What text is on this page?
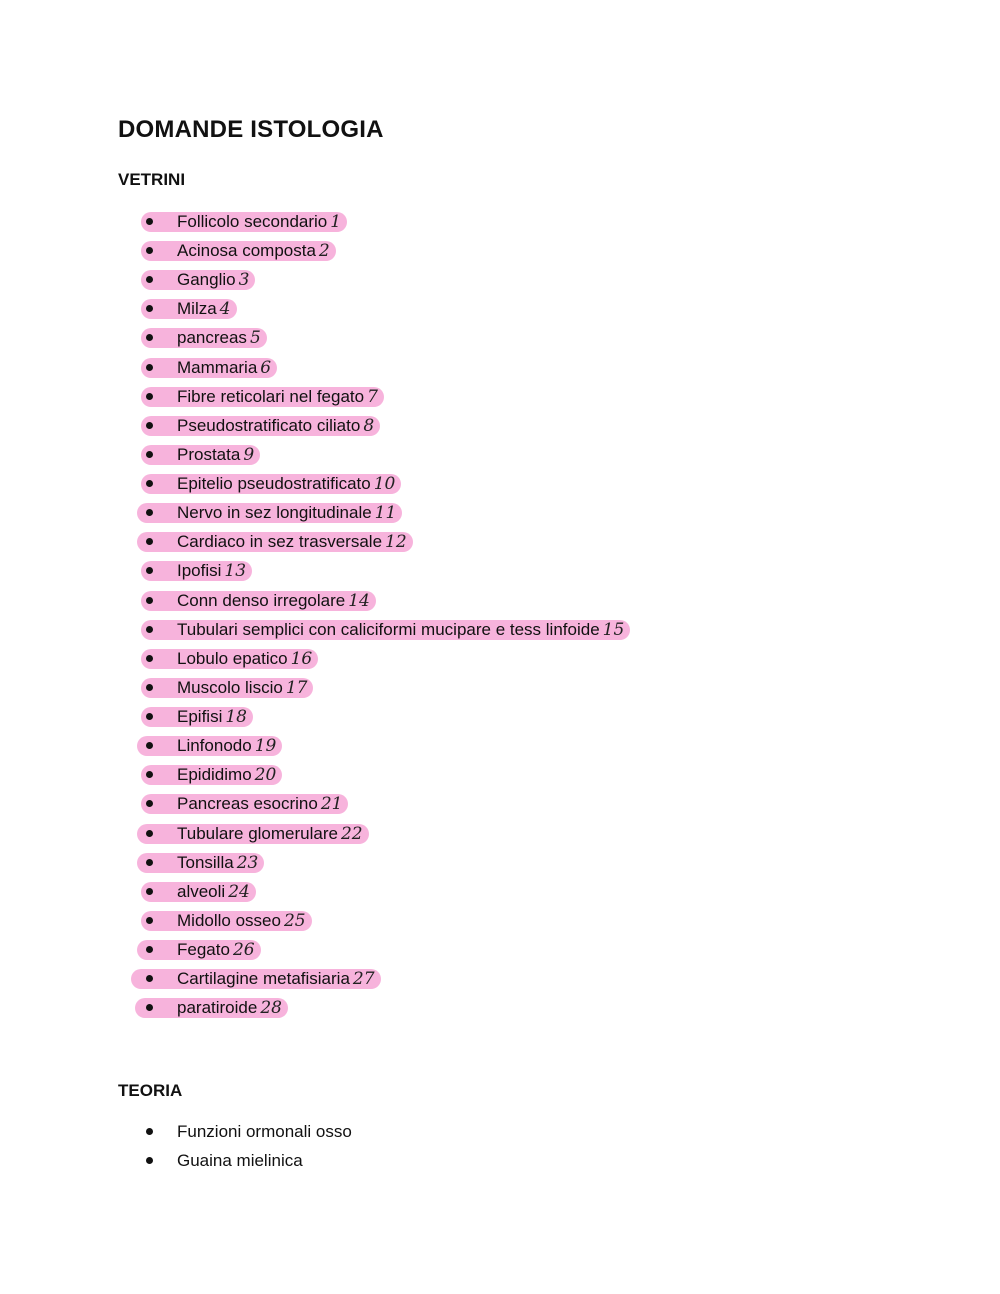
DOMANDE ISTOLOGIA
VETRINI
Follicolo secondario 1
Acinosa composta 2
Ganglio 3
Milza 4
pancreas 5
Mammaria 6
Fibre reticolari nel fegato 7
Pseudostratificato ciliato 8
Prostata 9
Epitelio pseudostratificato 10
Nervo in sez longitudinale 11
Cardiaco in sez trasversale 12
Ipofisi 13
Conn denso irregolare 14
Tubulari semplici con caliciformi mucipare e tess linfoide 15
Lobulo epatico 16
Muscolo liscio 17
Epifisi 18
Linfonodo 19
Epididimo 20
Pancreas esocrino 21
Tubulare glomerulare 22
Tonsilla 23
alveoli 24
Midollo osseo 25
Fegato 26
Cartilagine metafisiaria 27
paratiroide 28
TEORIA
Funzioni ormonali osso
Guaina mielinica
